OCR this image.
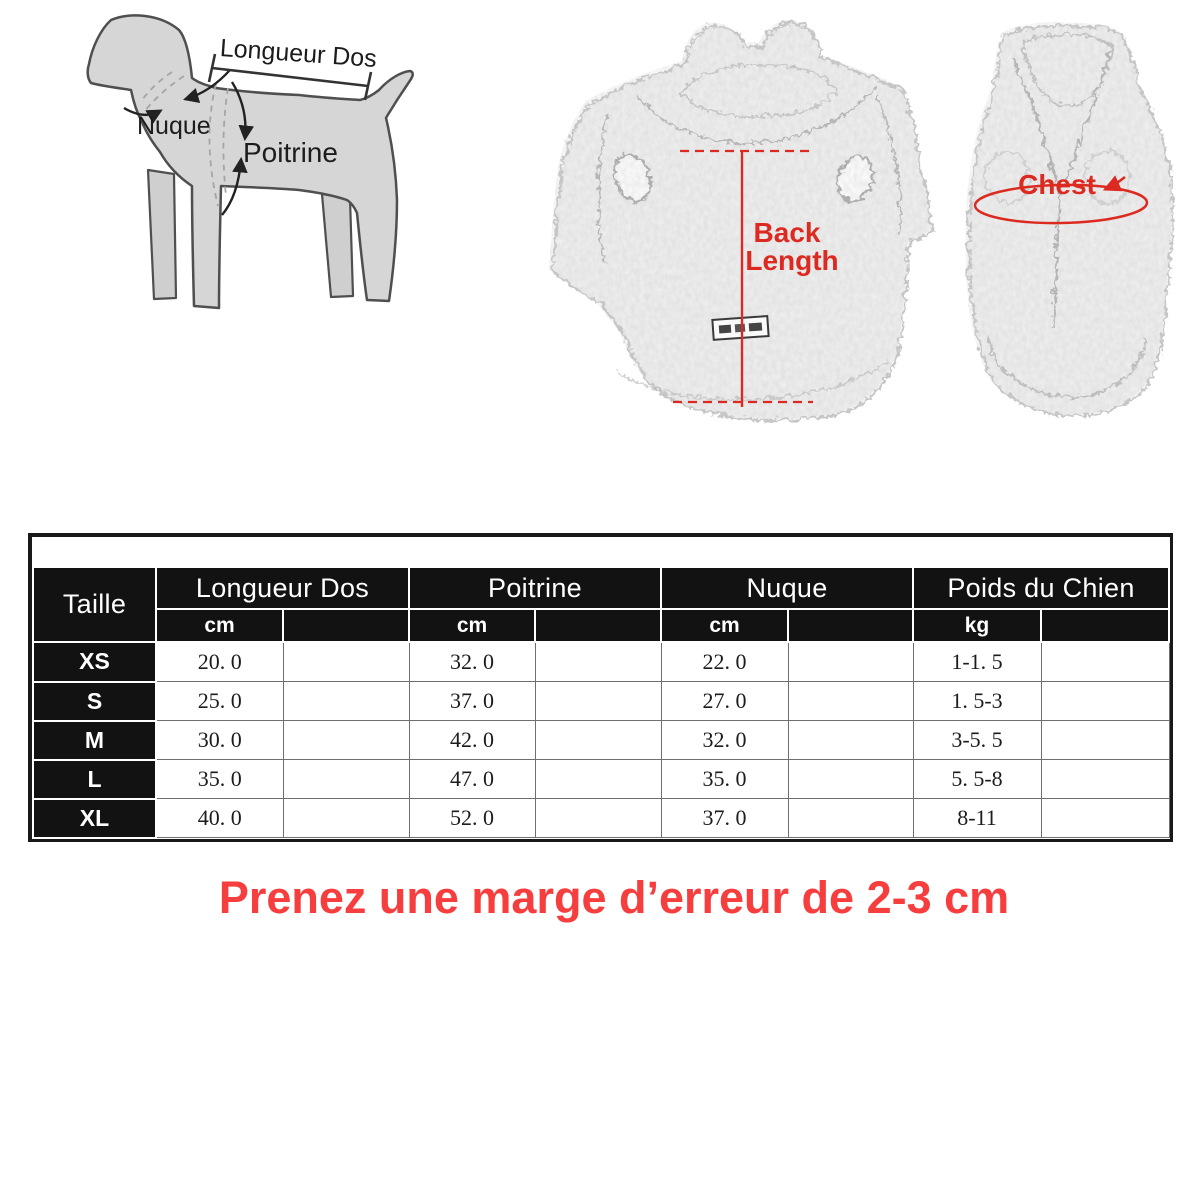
Longueur Dos
Nuque
Poitrine
Back
Length
Chest

Taille	Longueur Dos		Poitrine		Nuque		Poids du Chien	
	cm		cm		cm		kg	
XS	20. 0		32. 0		22. 0		1-1. 5	
S	25. 0		37. 0		27. 0		1. 5-3	
M	30. 0		42. 0		32. 0		3-5. 5	
L	35. 0		47. 0		35. 0		5. 5-8	
XL	40. 0		52. 0		37. 0		8-11	
Prenez une marge d’erreur de 2-3 cm
